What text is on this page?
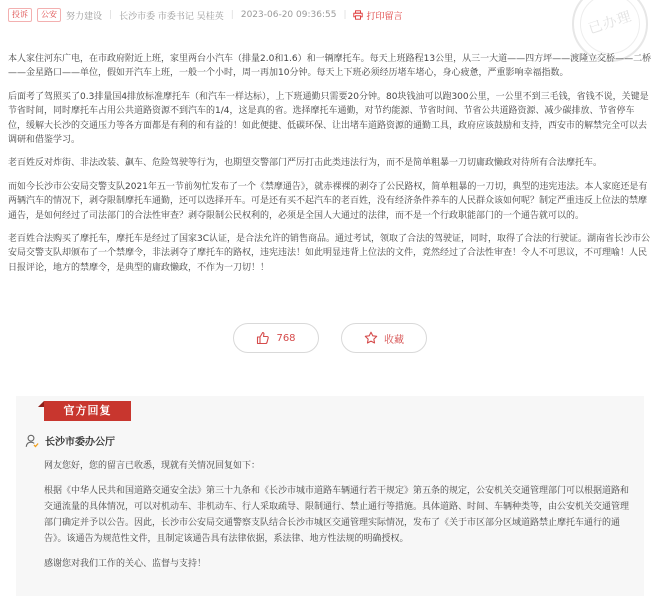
投诉	公安	努力建设 | 长沙市委 市委书记 吴桂英 | 2023-06-20 09:36:55 | 打印留言	已办理

本人家住河东广电，在市政府附近上班，家里两台小汽车（排量2.0和1.6）和一辆摩托车。每天上班路程13公里，从三一大道——四方坪——渡隆立交桥——二桥——金星路口——单位，假如开汽车上班，一般一个小时，周一再加10分钟。每天上下班必须经历堵车堵心，身心疲惫，严重影响幸福指数。

后面考了驾照买了0.3排量国4排放标准摩托车（和汽车一样达标），上下班通勤只需要20分钟。80块钱油可以跑300公里，一公里不到三毛钱，省钱不说，关键是节省时间，同时摩托车占用公共道路资源不到汽车的1/4，这是真的省。选择摩托车通勤，对节约能源、节省时间、节省公共道路资源、减少碳排放、节省停车位，缓解大长沙的交通压力等各方面都是有利的和有益的！如此便捷、低碳环保、让出堵车道路资源的通勤工具，政府应该鼓励和支持，西安市的解禁完全可以去调研和借鉴学习。

老百姓反对炸街、非法改装、飙车、危险驾驶等行为，也期望交警部门严厉打击此类违法行为，而不是简单粗暴一刀切庸政懒政对待所有合法摩托车。

而如今长沙市公安局交警支队2021年五一节前匆忙发布了一个《禁摩通告》，就赤裸裸的剥夺了公民路权，简单粗暴的一刀切，典型的违宪违法。本人家庭还是有两辆汽车的情况下，剥夺限制摩托车通勤，还可以选择开车。可是还有买不起汽车的老百姓，没有经济条件养车的人民群众该如何呢？制定严重违反上位法的禁摩通告，是如何经过了司法部门的合法性审查？剥夺限制公民权利的，必须是全国人大通过的法律，而不是一个行政职能部门的一个通告就可以的。

老百姓合法购买了摩托车，摩托车是经过了国家3C认证，是合法允许的销售商品。通过考试，领取了合法的驾驶证，同时，取得了合法的行驶证。湖南省长沙市公安局交警支队却颁布了一个禁摩令，非法剥夺了摩托车的路权，违宪违法！如此明显违背上位法的文件，竟然经过了合法性审查！令人不可思议，不可理喻！人民日报评论，地方的禁摩令，是典型的庸政懒政，不作为一刀切！！

768	收藏
官方回复
长沙市委办公厅

网友您好，您的留言已收悉，现就有关情况回复如下：

根据《中华人民共和国道路交通安全法》第三十九条和《长沙市城市道路车辆通行若干规定》第五条的规定，公安机关交通管理部门可以根据道路和交通流量的具体情况，可以对机动车、非机动车、行人采取疏导、限制通行、禁止通行等措施。具体道路、时间、车辆种类等，由公安机关交通管理部门确定并予以公告。因此，长沙市公安局交通警察支队结合长沙市城区交通管理实际情况，发布了《关于市区部分区域道路禁止摩托车通行的通告》。该通告为规范性文件，且制定该通告具有法律依据，系法律、地方性法规的明确授权。

感谢您对我们工作的关心、监督与支持！
